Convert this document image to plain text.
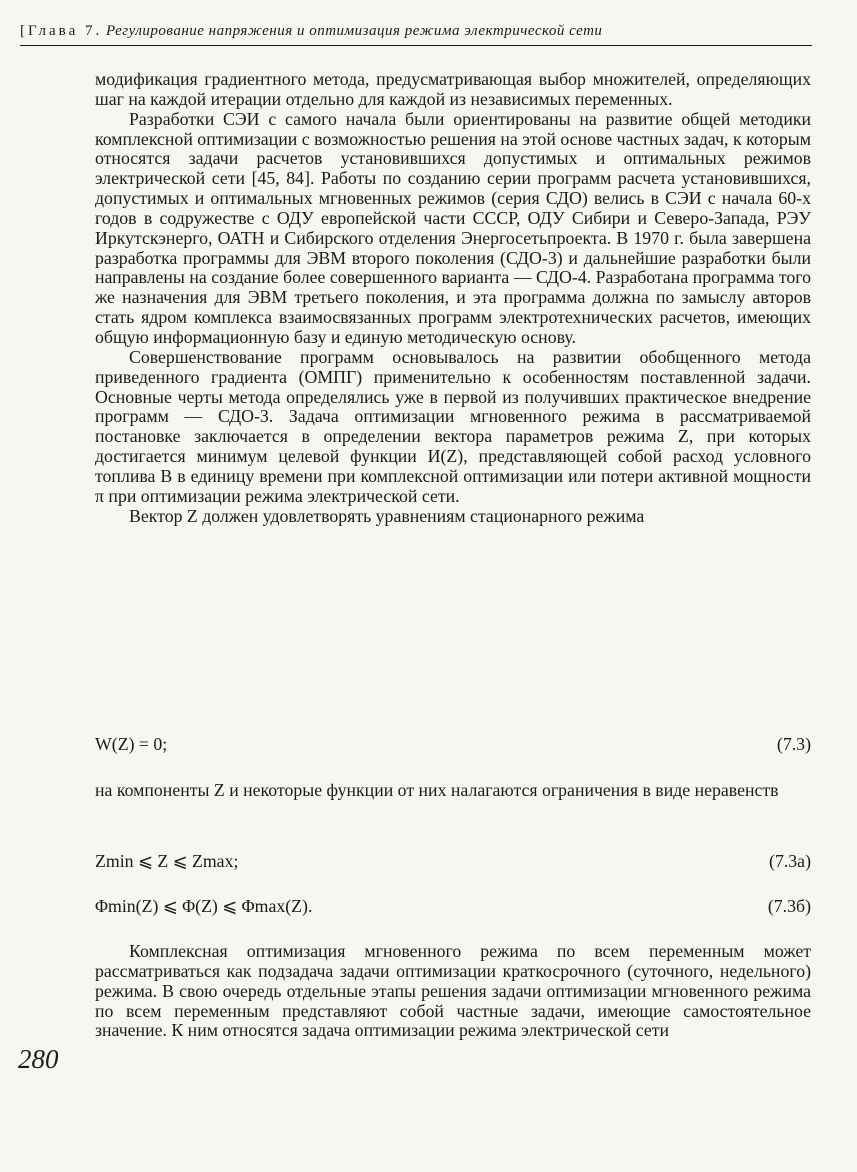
[Глава 7. Регулирование напряжения и оптимизация режима электрической сети

модификация градиентного метода, предусматривающая выбор множителей, определяющих шаг на каждой итерации отдельно для каждой из независимых переменных.

Разработки СЭИ с самого начала были ориентированы на развитие общей методики комплексной оптимизации с возможностью решения на этой основе частных задач, к которым относятся задачи расчетов установившихся допустимых и оптимальных режимов электрической сети [45, 84]. Работы по созданию серии программ расчета установившихся, допустимых и оптимальных мгновенных режимов (серия СДО) велись в СЭИ с начала 60-х годов в содружестве с ОДУ европейской части СССР, ОДУ Сибири и Северо-Запада, РЭУ Иркутскэнерго, ОАТН и Сибирского отделения Энергосетьпроекта. В 1970 г. была завершена разработка программы для ЭВМ второго поколения (СДО-3) и дальнейшие разработки были направлены на создание более совершенного варианта — СДО-4. Разработана программа того же назначения для ЭВМ третьего поколения, и эта программа должна по замыслу авторов стать ядром комплекса взаимосвязанных программ электротехнических расчетов, имеющих общую информационную базу и единую методическую основу.

Совершенствование программ основывалось на развитии обобщенного метода приведенного градиента (ОМПГ) применительно к особенностям поставленной задачи. Основные черты метода определялись уже в первой из получивших практическое внедрение программ — СДО-3. Задача оптимизации мгновенного режима в рассматриваемой постановке заключается в определении вектора параметров режима Z, при которых достигается минимум целевой функции И(Z), представляющей собой расход условного топлива B в единицу времени при комплексной оптимизации или потери активной мощности π при оптимизации режима электрической сети.

Вектор Z должен удовлетворять уравнениям стационарного режима

W(Z) = 0;	(7.3)
на компоненты Z и некоторые функции от них налагаются ограничения в виде неравенств
Zmin ⩽ Z ⩽ Zmax;	(7.3а)
Φmin(Z) ⩽ Φ(Z) ⩽ Φmax(Z).	(7.3б)

Комплексная оптимизация мгновенного режима по всем переменным может рассматриваться как подзадача задачи оптимизации краткосрочного (суточного, недельного) режима. В свою очередь отдельные этапы решения задачи оптимизации мгновенного режима по всем переменным представляют собой частные задачи, имеющие самостоятельное значение. К ним относятся задача оптимизации режима электрической сети

280
